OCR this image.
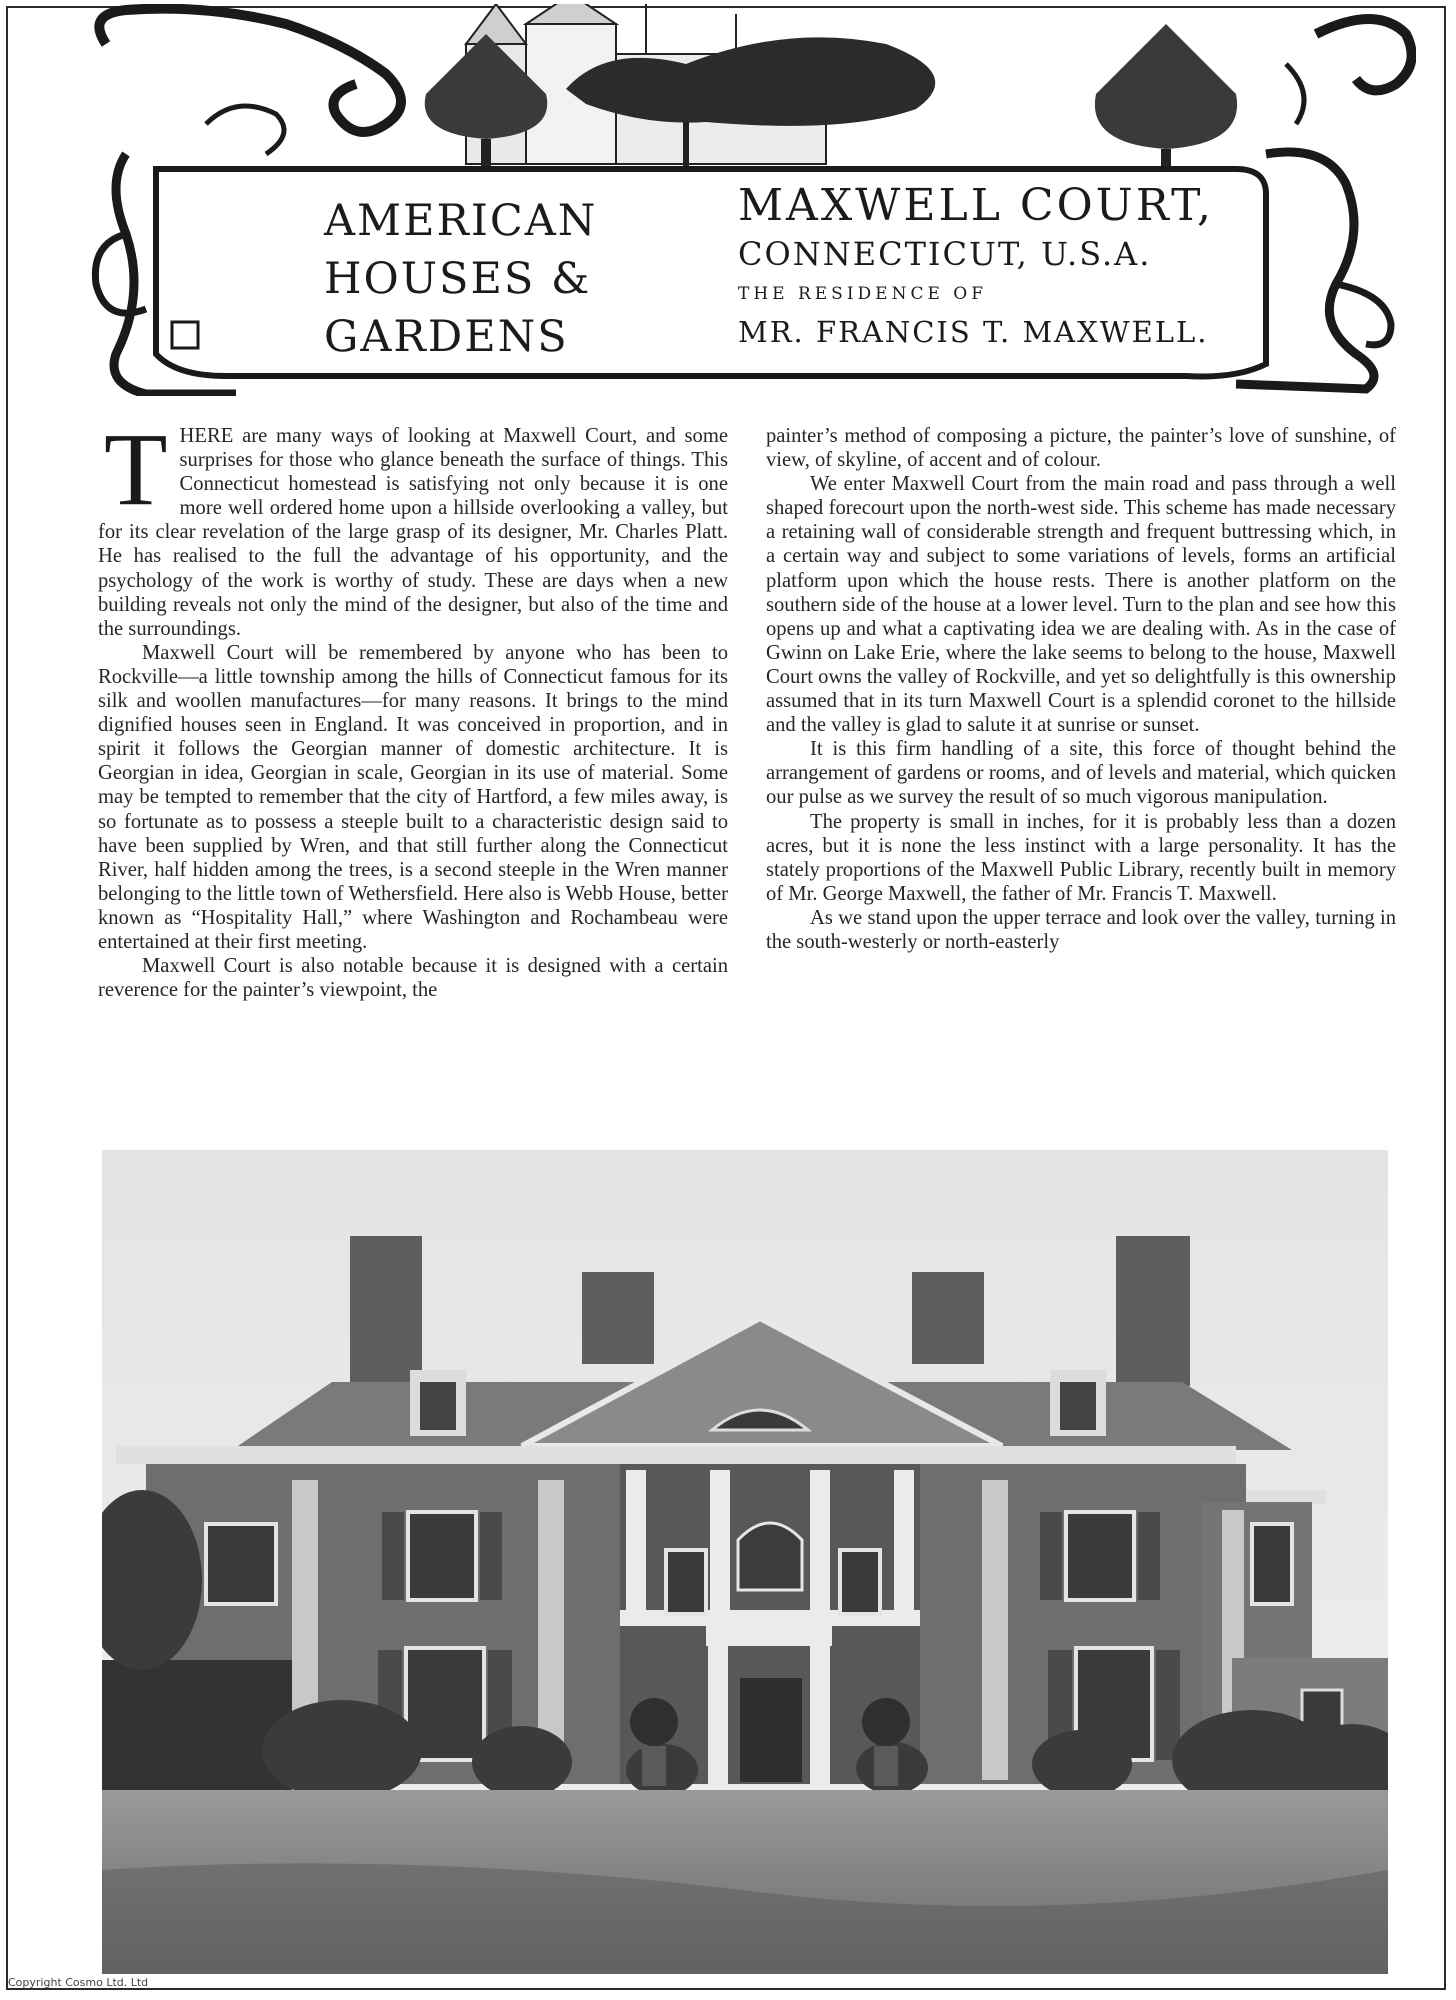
AMERICAN
HOUSES &
GARDENS
MAXWELL COURT,
CONNECTICUT, U.S.A.
THE RESIDENCE OF
MR. FRANCIS T. MAXWELL.

THERE are many ways of looking at Maxwell Court, and some surprises for those who glance beneath the surface of things. This Connecticut homestead is satisfying not only because it is one more well ordered home upon a hillside overlooking a valley, but for its clear revelation of the large grasp of its designer, Mr. Charles Platt. He has realised to the full the advantage of his opportunity, and the psychology of the work is worthy of study. These are days when a new building reveals not only the mind of the designer, but also of the time and the surroundings.

Maxwell Court will be remembered by anyone who has been to Rockville—a little township among the hills of Connecticut famous for its silk and woollen manufactures—for many reasons. It brings to the mind dignified houses seen in England. It was conceived in proportion, and in spirit it follows the Georgian manner of domestic architecture. It is Georgian in idea, Georgian in scale, Georgian in its use of material. Some may be tempted to remember that the city of Hartford, a few miles away, is so fortunate as to possess a steeple built to a characteristic design said to have been supplied by Wren, and that still further along the Connecticut River, half hidden among the trees, is a second steeple in the Wren manner belonging to the little town of Wethersfield. Here also is Webb House, better known as “Hospitality Hall,” where Washington and Rochambeau were entertained at their first meeting.

Maxwell Court is also notable because it is designed with a certain reverence for the painter’s viewpoint, the

painter’s method of composing a picture, the painter’s love of sunshine, of view, of skyline, of accent and of colour.

We enter Maxwell Court from the main road and pass through a well shaped forecourt upon the north-west side. This scheme has made necessary a retaining wall of considerable strength and frequent buttressing which, in a certain way and subject to some variations of levels, forms an artificial platform upon which the house rests. There is another platform on the southern side of the house at a lower level. Turn to the plan and see how this opens up and what a captivating idea we are dealing with. As in the case of Gwinn on Lake Erie, where the lake seems to belong to the house, Maxwell Court owns the valley of Rockville, and yet so delightfully is this ownership assumed that in its turn Maxwell Court is a splendid coronet to the hillside and the valley is glad to salute it at sunrise or sunset.

It is this firm handling of a site, this force of thought behind the arrangement of gardens or rooms, and of levels and material, which quicken our pulse as we survey the result of so much vigorous manipulation.

The property is small in inches, for it is probably less than a dozen acres, but it is none the less instinct with a large personality. It has the stately proportions of the Maxwell Public Library, recently built in memory of Mr. George Maxwell, the father of Mr. Francis T. Maxwell.

As we stand upon the upper terrace and look over the valley, turning in the south-westerly or north-easterly

Copyright Cosmo Ltd. Ltd
